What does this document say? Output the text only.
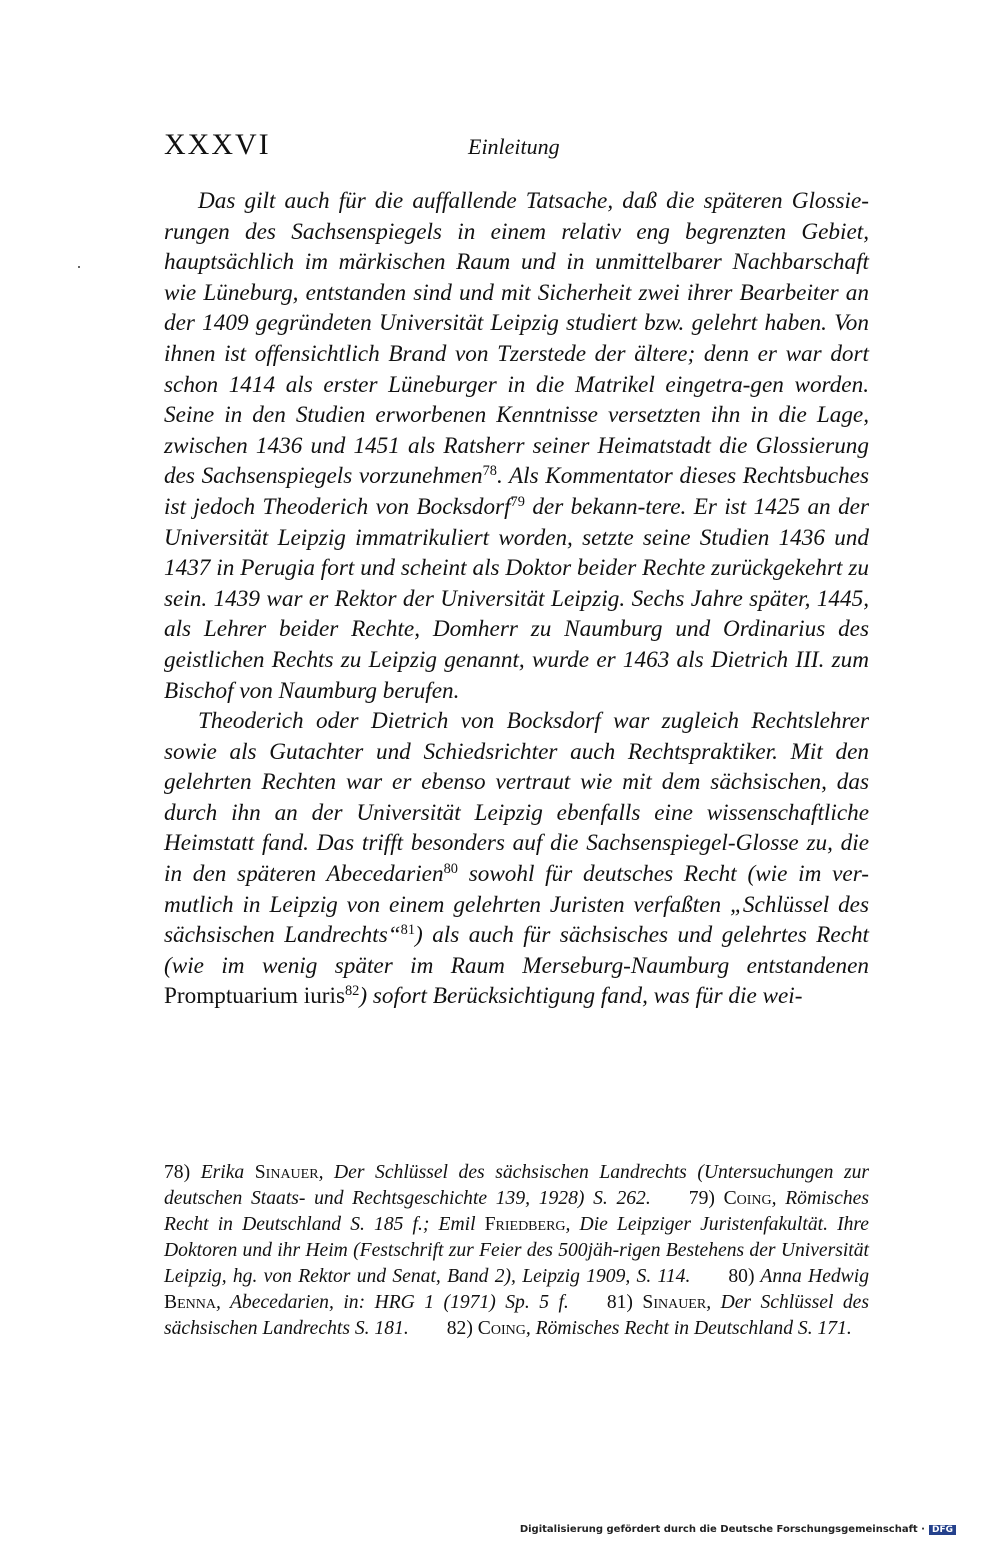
XXXVI	Einleitung

Das gilt auch für die auffallende Tatsache, daß die späteren Glossie-rungen des Sachsenspiegels in einem relativ eng begrenzten Gebiet, hauptsächlich im märkischen Raum und in unmittelbarer Nachbarschaft wie Lüneburg, entstanden sind und mit Sicherheit zwei ihrer Bearbeiter an der 1409 gegründeten Universität Leipzig studiert bzw. gelehrt haben. Von ihnen ist offensichtlich Brand von Tzerstede der ältere; denn er war dort schon 1414 als erster Lüneburger in die Matrikel eingetra-gen worden. Seine in den Studien erworbenen Kenntnisse versetzten ihn in die Lage, zwischen 1436 und 1451 als Ratsherr seiner Heimatstadt die Glossierung des Sachsenspiegels vorzunehmen$^{78}$. Als Kommentator dieses Rechtsbuches ist jedoch Theoderich von Bocksdorf$^{79}$ der bekann-tere. Er ist 1425 an der Universität Leipzig immatrikuliert worden, setzte seine Studien 1436 und 1437 in Perugia fort und scheint als Doktor beider Rechte zurückgekehrt zu sein. 1439 war er Rektor der Universität Leipzig. Sechs Jahre später, 1445, als Lehrer beider Rechte, Domherr zu Naumburg und Ordinarius des geistlichen Rechts zu Leipzig genannt, wurde er 1463 als Dietrich III. zum Bischof von Naumburg berufen.

Theoderich oder Dietrich von Bocksdorf war zugleich Rechtslehrer sowie als Gutachter und Schiedsrichter auch Rechtspraktiker. Mit den gelehrten Rechten war er ebenso vertraut wie mit dem sächsischen, das durch ihn an der Universität Leipzig ebenfalls eine wissenschaftliche Heimstatt fand. Das trifft besonders auf die Sachsenspiegel-Glosse zu, die in den späteren Abecedarien$^{80}$ sowohl für deutsches Recht (wie im ver-mutlich in Leipzig von einem gelehrten Juristen verfaßten „Schlüssel des sächsischen Landrechts“$^{81}$) als auch für sächsisches und gelehrtes Recht (wie im wenig später im Raum Merseburg-Naumburg entstandenen Promptuarium iuris$^{82}$) sofort Berücksichtigung fand, was für die wei-

78) Erika Sinauer, Der Schlüssel des sächsischen Landrechts (Untersuchungen zur deutschen Staats- und Rechtsgeschichte 139, 1928) S. 262. 79) Coing, Römisches Recht in Deutschland S. 185 f.; Emil Friedberg, Die Leipziger Juristenfakultät. Ihre Doktoren und ihr Heim (Festschrift zur Feier des 500jäh-rigen Bestehens der Universität Leipzig, hg. von Rektor und Senat, Band 2), Leipzig 1909, S. 114. 80) Anna Hedwig Benna, Abecedarien, in: HRG 1 (1971) Sp. 5 f. 81) Sinauer, Der Schlüssel des sächsischen Landrechts S. 181. 82) Coing, Römisches Recht in Deutschland S. 171.

Digitalisierung gefördert durch die Deutsche Forschungsgemeinschaft · DFG
